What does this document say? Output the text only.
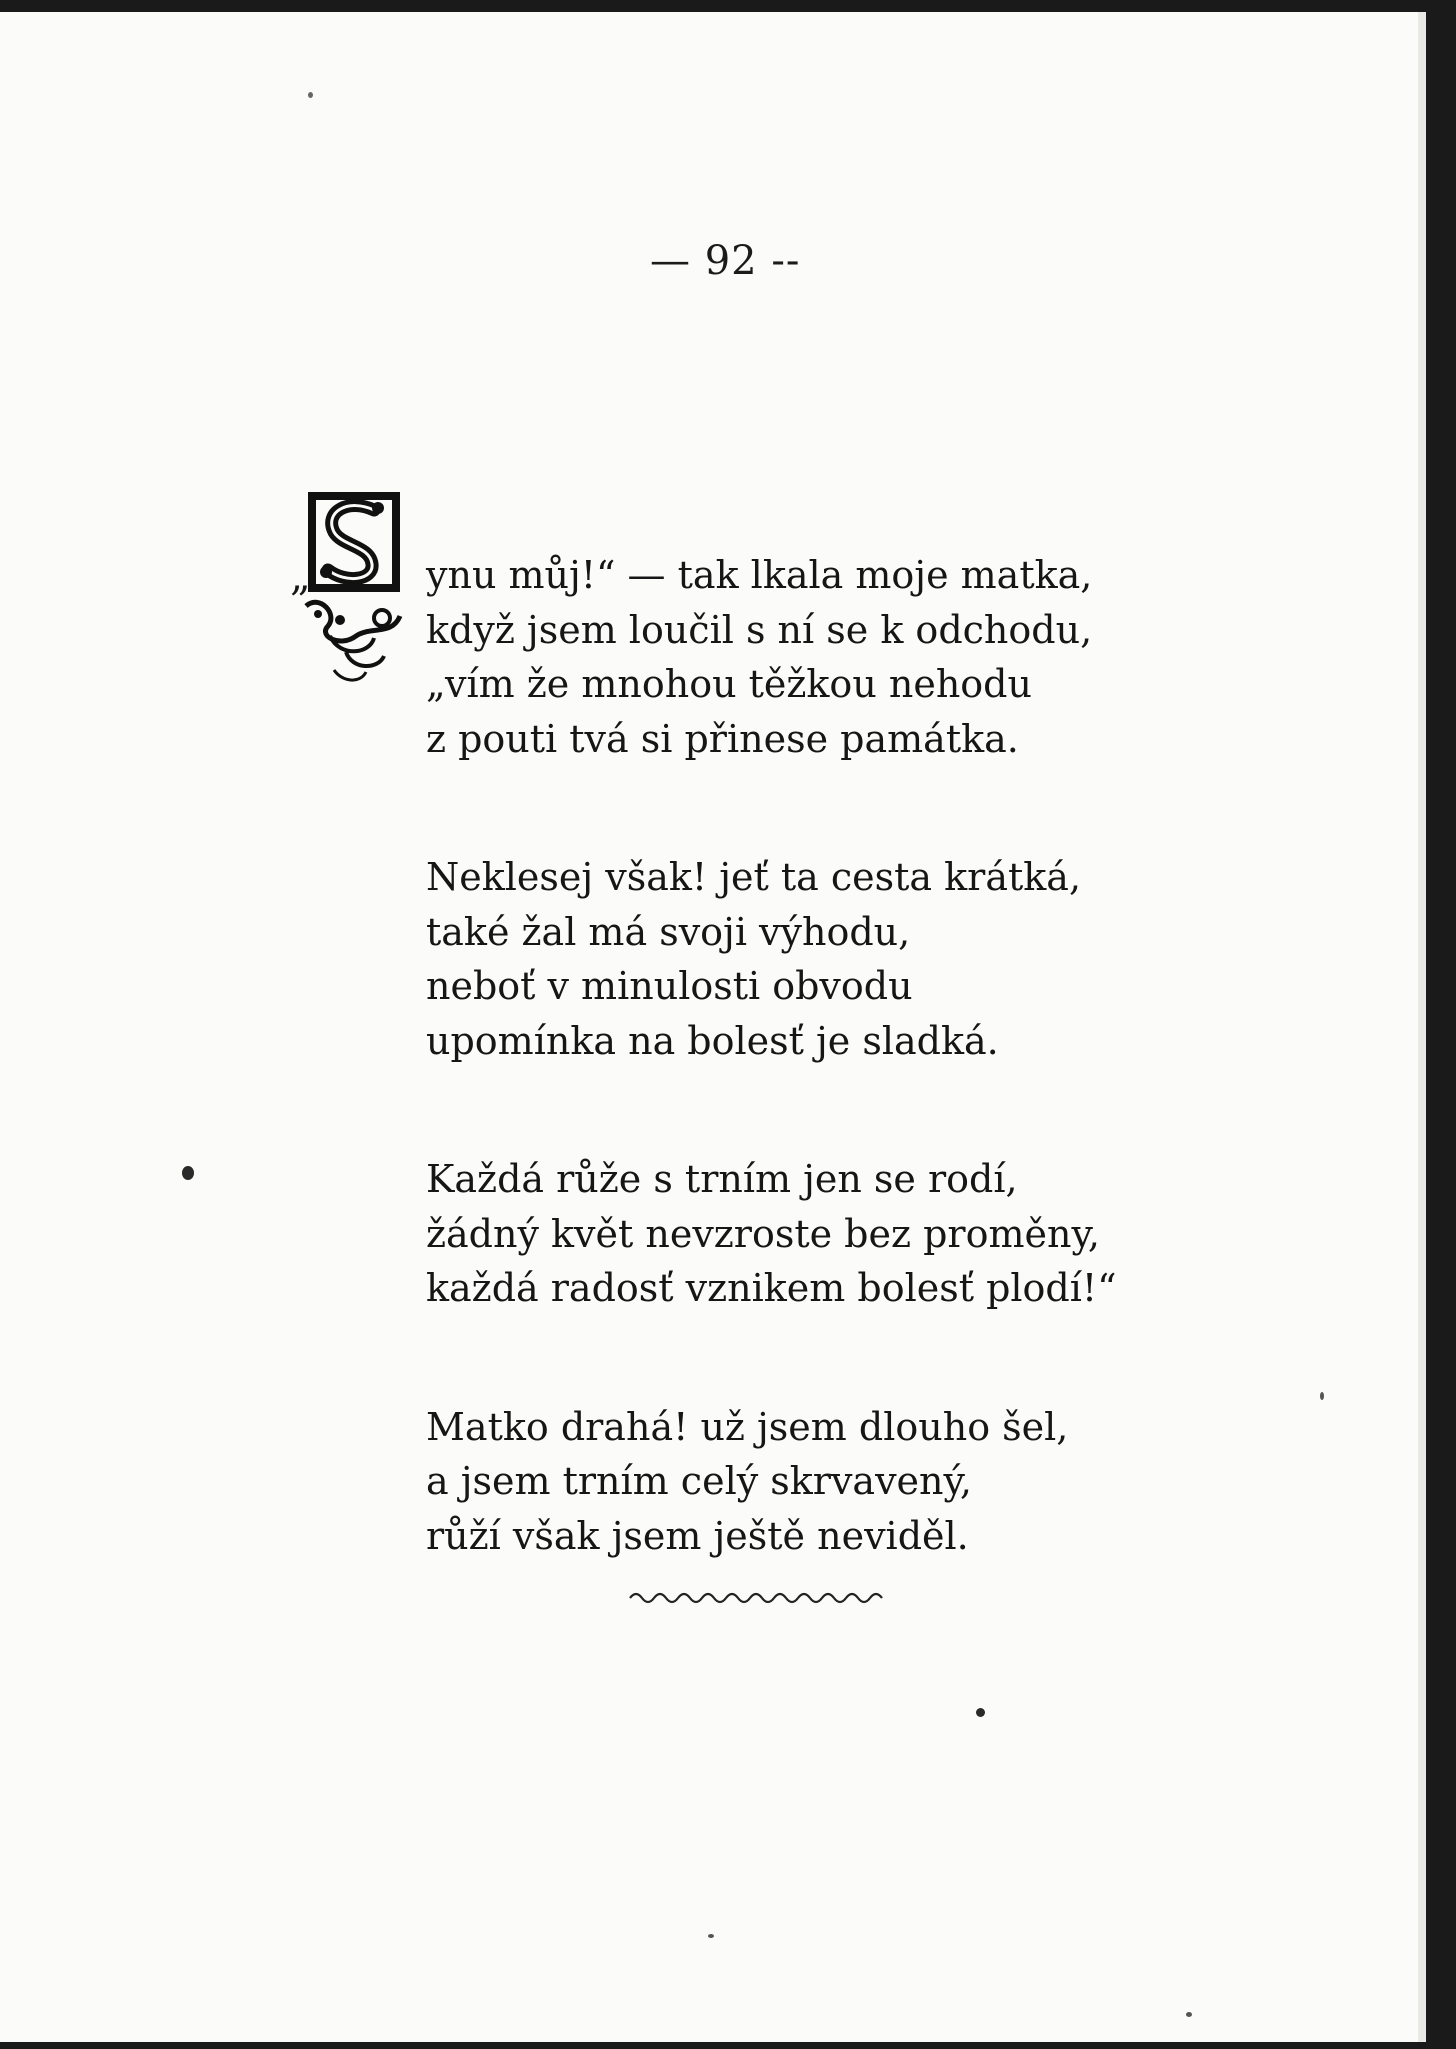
— 92 --
„	ynu můj!“ — tak lkala moje matka,
když jsem loučil s ní se k odchodu,
„vím že mnohou těžkou nehodu
z pouti tvá si přinese památka.
Neklesej však! jeť ta cesta krátká,
také žal má svoji výhodu,
neboť v minulosti obvodu
upomínka na bolesť je sladká.
Každá růže s trním jen se rodí,
žádný květ nevzroste bez proměny,
každá radosť vznikem bolesť plodí!“
Matko drahá! už jsem dlouho šel,
a jsem trním celý skrvavený,
růží však jsem ještě neviděl.
